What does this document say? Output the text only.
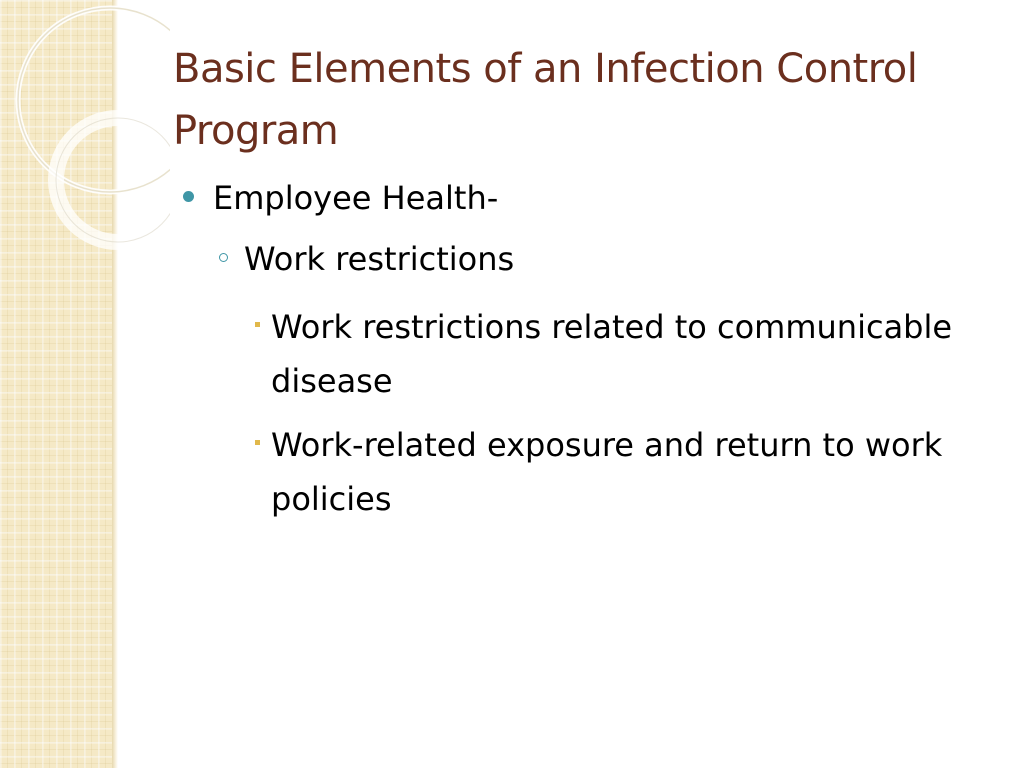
Basic Elements of an Infection Control Program
Employee Health-
Work restrictions
Work restrictions related to communicable disease
Work-related exposure and return to work policies
